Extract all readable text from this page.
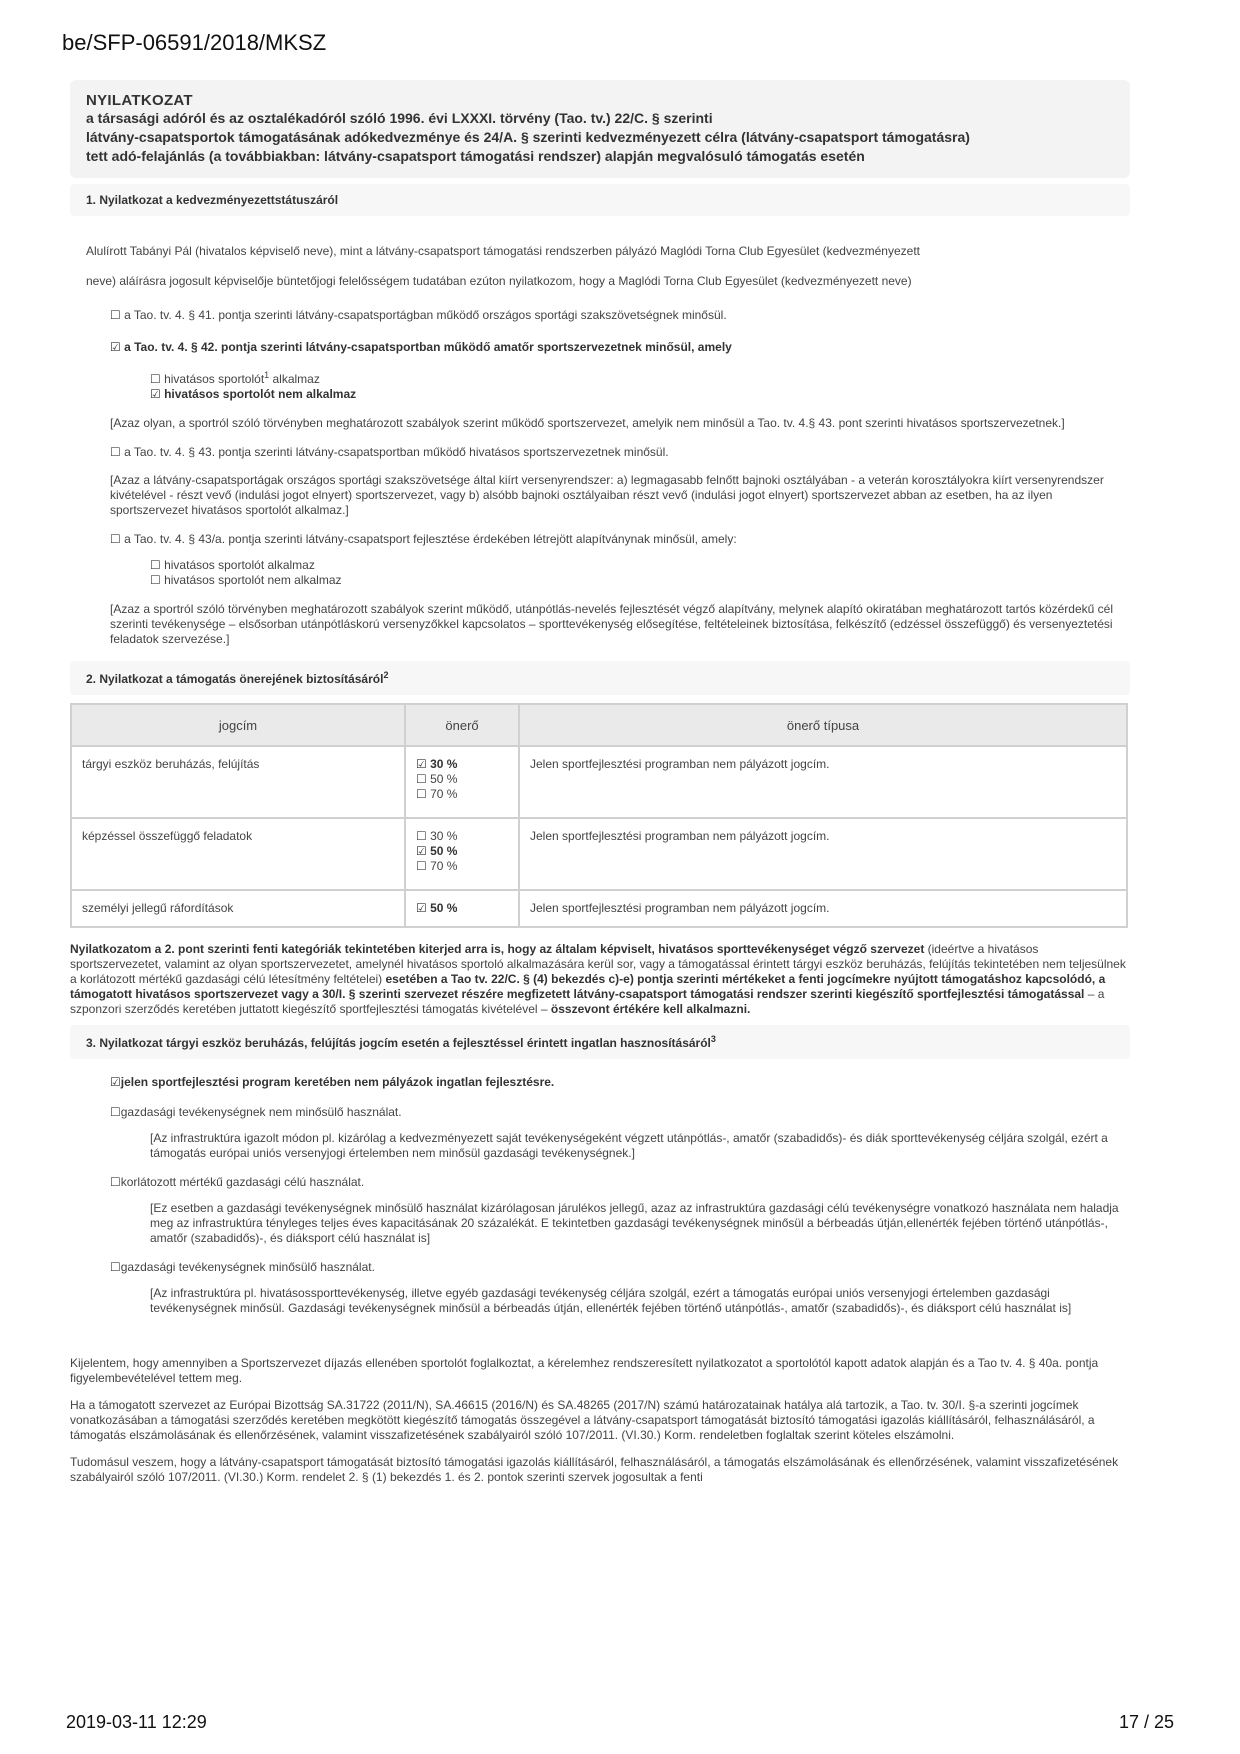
be/SFP-06591/2018/MKSZ
NYILATKOZAT
a társasági adóról és az osztalékadóról szóló 1996. évi LXXXI. törvény (Tao. tv.) 22/C. § szerinti
látvány-csapatsportok támogatásának adókedvezménye és 24/A. § szerinti kedvezményezett célra (látvány-csapatsport támogatásra)
tett adó-felajánlás (a továbbiakban: látvány-csapatsport támogatási rendszer) alapján megvalósuló támogatás esetén
1. Nyilatkozat a kedvezményezettstátuszáról

Alulírott Tabányi Pál (hivatalos képviselő neve), mint a látvány-csapatsport támogatási rendszerben pályázó Maglódi Torna Club Egyesület (kedvezményezett
neve) aláírásra jogosult képviselője büntetőjogi felelősségem tudatában ezúton nyilatkozom, hogy a Maglódi Torna Club Egyesület (kedvezményezett neve)

☐ a Tao. tv. 4. § 41. pontja szerinti látvány-csapatsportágban működő országos sportági szakszövetségnek minősül.

☑ a Tao. tv. 4. § 42. pontja szerinti látvány-csapatsportban működő amatőr sportszervezetnek minősül, amely

☐ hivatásos sportolót$^1$ alkalmaz

☑ hivatásos sportolót nem alkalmaz

[Azaz olyan, a sportról szóló törvényben meghatározott szabályok szerint működő sportszervezet, amelyik nem minősül a Tao. tv. 4.§ 43. pont szerinti hivatásos sportszervezetnek.]

☐ a Tao. tv. 4. § 43. pontja szerinti látvány-csapatsportban működő hivatásos sportszervezetnek minősül.

[Azaz a látvány-csapatsportágak országos sportági szakszövetsége által kiírt versenyrendszer: a) legmagasabb felnőtt bajnoki osztályában - a veterán korosztályokra kiírt versenyrendszer kivételével - részt vevő (indulási jogot elnyert) sportszervezet, vagy b) alsóbb bajnoki osztályaiban részt vevő (indulási jogot elnyert) sportszervezet abban az esetben, ha az ilyen sportszervezet hivatásos sportolót alkalmaz.]

☐ a Tao. tv. 4. § 43/a. pontja szerinti látvány-csapatsport fejlesztése érdekében létrejött alapítványnak minősül, amely:

☐ hivatásos sportolót alkalmaz

☐ hivatásos sportolót nem alkalmaz

[Azaz a sportról szóló törvényben meghatározott szabályok szerint működő, utánpótlás-nevelés fejlesztését végző alapítvány, melynek alapító okiratában meghatározott tartós közérdekű cél szerinti tevékenysége – elsősorban utánpótláskorú versenyzőkkel kapcsolatos – sporttevékenység elősegítése, feltételeinek biztosítása, felkészítő (edzéssel összefüggő) és versenyeztetési feladatok szervezése.]

2. Nyilatkozat a támogatás önerejének biztosításáról$^2$
jogcím	önerő	önerő típusa
tárgyi eszköz beruházás, felújítás	☑ 30 %
☐ 50 %
☐ 70 %	Jelen sportfejlesztési programban nem pályázott jogcím.
képzéssel összefüggő feladatok	☐ 30 %
☑ 50 %
☐ 70 %	Jelen sportfejlesztési programban nem pályázott jogcím.
személyi jellegű ráfordítások	☑ 50 %	Jelen sportfejlesztési programban nem pályázott jogcím.

Nyilatkozatom a 2. pont szerinti fenti kategóriák tekintetében kiterjed arra is, hogy az általam képviselt, hivatásos sporttevékenységet végző szervezet (ideértve a hivatásos sportszervezetet, valamint az olyan sportszervezetet, amelynél hivatásos sportoló alkalmazására kerül sor, vagy a támogatással érintett tárgyi eszköz beruházás, felújítás tekintetében nem teljesülnek a korlátozott mértékű gazdasági célú létesítmény feltételei) esetében a Tao tv. 22/C. § (4) bekezdés c)-e) pontja szerinti mértékeket a fenti jogcímekre nyújtott támogatáshoz kapcsolódó, a támogatott hivatásos sportszervezet vagy a 30/I. § szerinti szervezet részére megfizetett látvány-csapatsport támogatási rendszer szerinti kiegészítő sportfejlesztési támogatással – a szponzori szerződés keretében juttatott kiegészítő sportfejlesztési támogatás kivételével – összevont értékére kell alkalmazni.

3. Nyilatkozat tárgyi eszköz beruházás, felújítás jogcím esetén a fejlesztéssel érintett ingatlan hasznosításáról$^3$

☑jelen sportfejlesztési program keretében nem pályázok ingatlan fejlesztésre.

☐gazdasági tevékenységnek nem minősülő használat.

[Az infrastruktúra igazolt módon pl. kizárólag a kedvezményezett saját tevékenységeként végzett utánpótlás-, amatőr (szabadidős)- és diák sporttevékenység céljára szolgál, ezért a támogatás európai uniós versenyjogi értelemben nem minősül gazdasági tevékenységnek.]

☐korlátozott mértékű gazdasági célú használat.

[Ez esetben a gazdasági tevékenységnek minősülő használat kizárólagosan járulékos jellegű, azaz az infrastruktúra gazdasági célú tevékenységre vonatkozó használata nem haladja meg az infrastruktúra tényleges teljes éves kapacitásának 20 százalékát. E tekintetben gazdasági tevékenységnek minősül a bérbeadás útján,ellenérték fejében történő utánpótlás-, amatőr (szabadidős)-, és diáksport célú használat is]

☐gazdasági tevékenységnek minősülő használat.

[Az infrastruktúra pl. hivatásossporttevékenység, illetve egyéb gazdasági tevékenység céljára szolgál, ezért a támogatás európai uniós versenyjogi értelemben gazdasági tevékenységnek minősül. Gazdasági tevékenységnek minősül a bérbeadás útján, ellenérték fejében történő utánpótlás-, amatőr (szabadidős)-, és diáksport célú használat is]

Kijelentem, hogy amennyiben a Sportszervezet díjazás ellenében sportolót foglalkoztat, a kérelemhez rendszeresített nyilatkozatot a sportolótól kapott adatok alapján és a Tao tv. 4. § 40a. pontja figyelembevételével tettem meg.

Ha a támogatott szervezet az Európai Bizottság SA.31722 (2011/N), SA.46615 (2016/N) és SA.48265 (2017/N) számú határozatainak hatálya alá tartozik, a Tao. tv. 30/I. §-a szerinti jogcímek vonatkozásában a támogatási szerződés keretében megkötött kiegészítő támogatás összegével a látvány-csapatsport támogatását biztosító támogatási igazolás kiállításáról, felhasználásáról, a támogatás elszámolásának és ellenőrzésének, valamint visszafizetésének szabályairól szóló 107/2011. (VI.30.) Korm. rendeletben foglaltak szerint köteles elszámolni.

Tudomásul veszem, hogy a látvány-csapatsport támogatását biztosító támogatási igazolás kiállításáról, felhasználásáról, a támogatás elszámolásának és ellenőrzésének, valamint visszafizetésének szabályairól szóló 107/2011. (VI.30.) Korm. rendelet 2. § (1) bekezdés 1. és 2. pontok szerinti szervek jogosultak a fenti

2019-03-11 12:29	17 / 25
